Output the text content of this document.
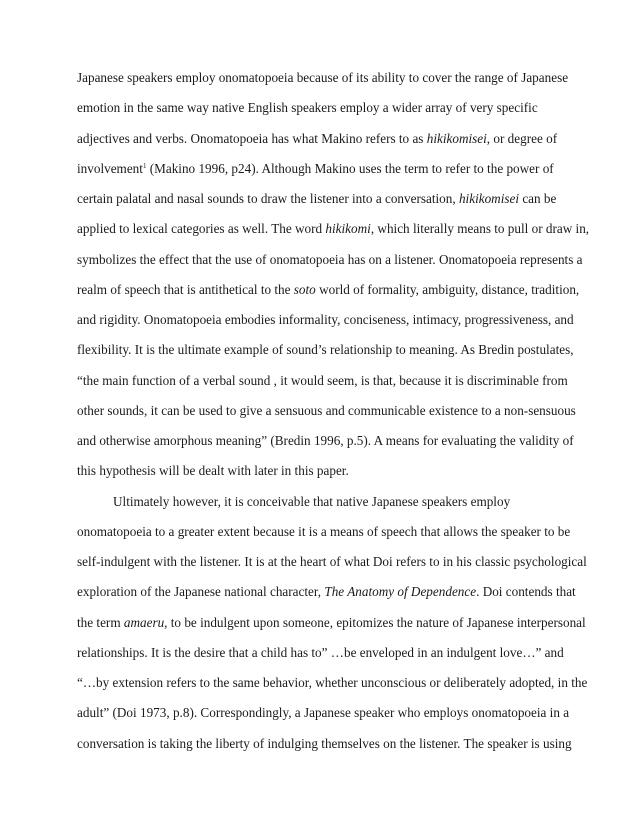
Japanese speakers employ onomatopoeia because of its ability to cover the range of Japanese
emotion in the same way native English speakers employ a wider array of very specific
adjectives and verbs. Onomatopoeia has what Makino refers to as hikikomisei, or degree of
involvement$^1$ (Makino 1996, p24). Although Makino uses the term to refer to the power of
certain palatal and nasal sounds to draw the listener into a conversation, hikikomisei can be
applied to lexical categories as well. The word hikikomi, which literally means to pull or draw in,
symbolizes the effect that the use of onomatopoeia has on a listener. Onomatopoeia represents a
realm of speech that is antithetical to the soto world of formality, ambiguity, distance, tradition,
and rigidity. Onomatopoeia embodies informality, conciseness, intimacy, progressiveness, and
flexibility. It is the ultimate example of sound’s relationship to meaning. As Bredin postulates,
“the main function of a verbal sound , it would seem, is that, because it is discriminable from
other sounds, it can be used to give a sensuous and communicable existence to a non-sensuous
and otherwise amorphous meaning” (Bredin 1996, p.5). A means for evaluating the validity of
this hypothesis will be dealt with later in this paper.
Ultimately however, it is conceivable that native Japanese speakers employ
onomatopoeia to a greater extent because it is a means of speech that allows the speaker to be
self-indulgent with the listener. It is at the heart of what Doi refers to in his classic psychological
exploration of the Japanese national character, The Anatomy of Dependence. Doi contends that
the term amaeru, to be indulgent upon someone, epitomizes the nature of Japanese interpersonal
relationships. It is the desire that a child has to” …be enveloped in an indulgent love…” and
“…by extension refers to the same behavior, whether unconscious or deliberately adopted, in the
adult” (Doi 1973, p.8). Correspondingly, a Japanese speaker who employs onomatopoeia in a
conversation is taking the liberty of indulging themselves on the listener. The speaker is using
